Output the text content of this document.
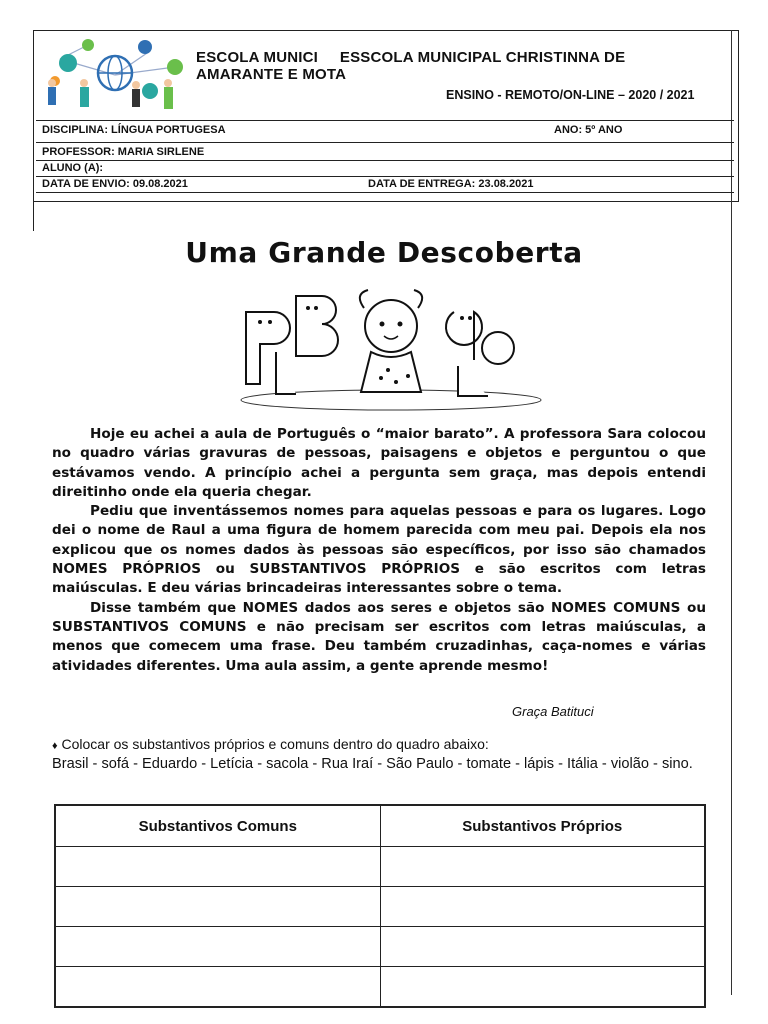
ESCOLA MUNICI ESSCOLA MUNICIPAL CHRISTINNA DE
AMARANTE E MOTA
ENSINO - REMOTO/ON-LINE – 2020 / 2021
DISCIPLINA: LÍNGUA PORTUGESA	ANO: 5º ANO
PROFESSOR: MARIA SIRLENE
ALUNO (A):
DATA DE ENVIO: 09.08.2021	DATA DE ENTREGA: 23.08.2021
Uma Grande Descoberta

Hoje eu achei a aula de Português o “maior barato”. A professora Sara colocou no quadro várias gravuras de pessoas, paisagens e objetos e perguntou o que estávamos vendo. A princípio achei a pergunta sem graça, mas depois entendi direitinho onde ela queria chegar.

Pediu que inventássemos nomes para aquelas pessoas e para os lugares. Logo dei o nome de Raul a uma figura de homem parecida com meu pai. Depois ela nos explicou que os nomes dados às pessoas são específicos, por isso são chamados NOMES PRÓPRIOS ou SUBSTANTIVOS PRÓPRIOS e são escritos com letras maiúsculas. E deu várias brincadeiras interessantes sobre o tema.

Disse também que NOMES dados aos seres e objetos são NOMES COMUNS ou SUBSTANTIVOS COMUNS e não precisam ser escritos com letras maiúsculas, a menos que comecem uma frase. Deu também cruzadinhas, caça-nomes e várias atividades diferentes. Uma aula assim, a gente aprende mesmo!

Graça Batituci
♦ Colocar os substantivos próprios e comuns dentro do quadro abaixo:
Brasil - sofá - Eduardo - Letícia - sacola - Rua Iraí - São Paulo - tomate - lápis - Itália - violão - sino.
Substantivos Comuns	Substantivos Próprios
